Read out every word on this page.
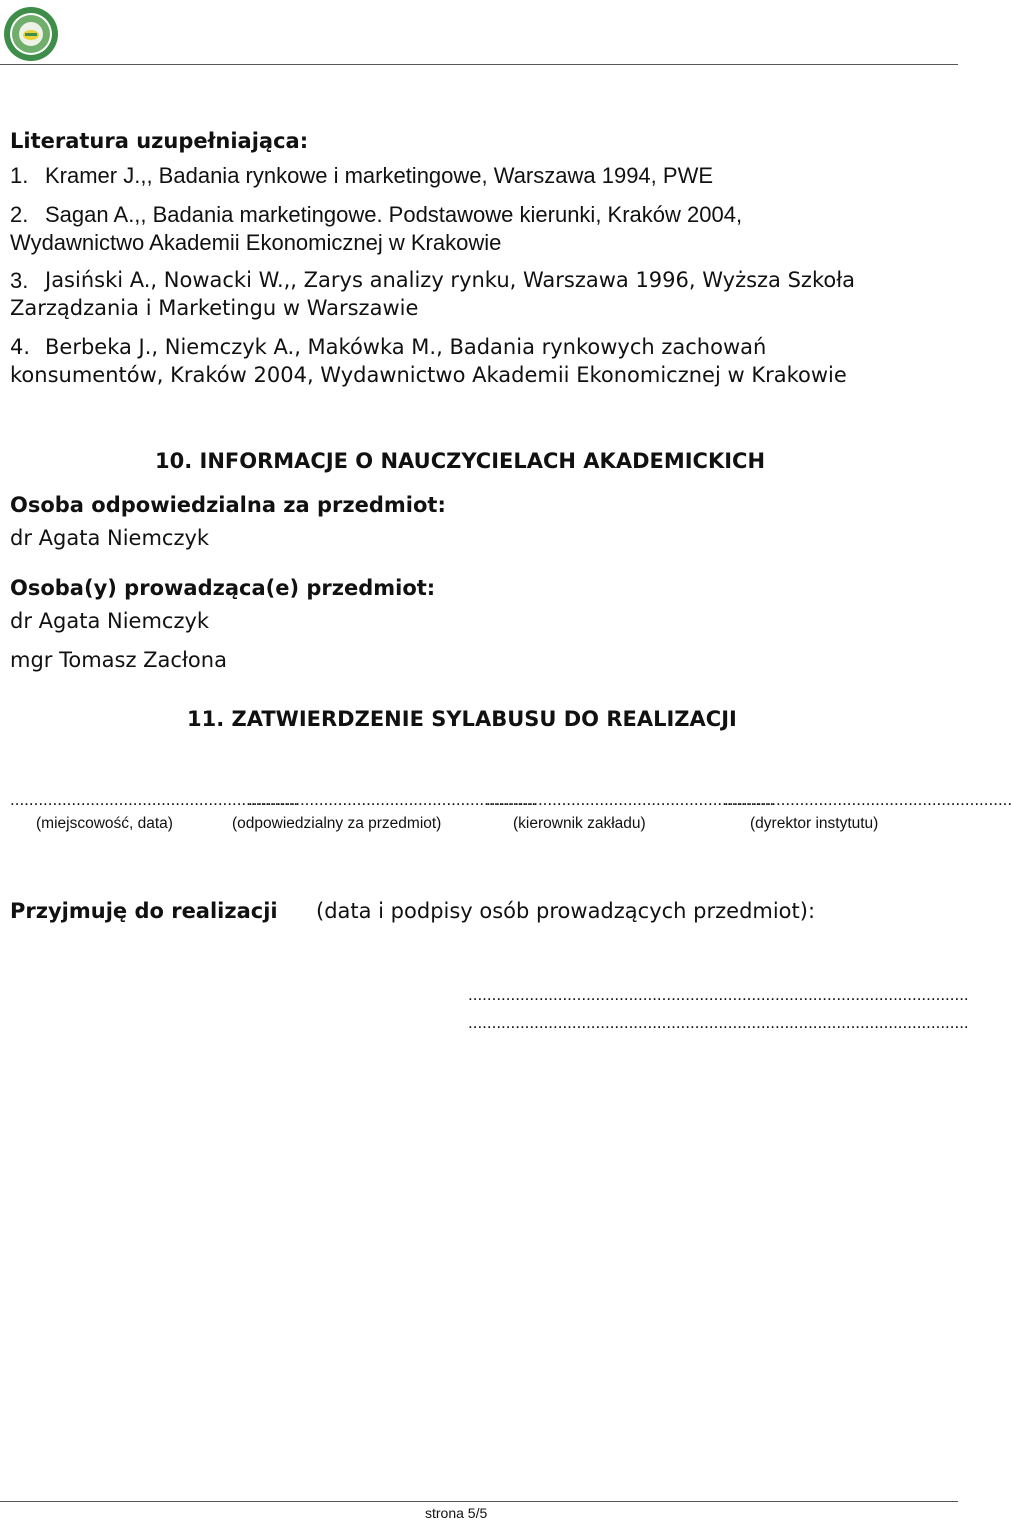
Literatura uzupełniająca:
1. Kramer J.,, Badania rynkowe i marketingowe, Warszawa 1994, PWE
2. Sagan A.,, Badania marketingowe. Podstawowe kierunki, Kraków 2004,
Wydawnictwo Akademii Ekonomicznej w Krakowie
3. Jasiński A., Nowacki W.,, Zarys analizy rynku, Warszawa 1996, Wyższa Szkoła
Zarządzania i Marketingu w Warszawie
4. Berbeka J., Niemczyk A., Makówka M., Badania rynkowych zachowań
konsumentów, Kraków 2004, Wydawnictwo Akademii Ekonomicznej w Krakowie
10. INFORMACJE O NAUCZYCIELACH AKADEMICKICH
Osoba odpowiedzialna za przedmiot:
dr Agata Niemczyk
Osoba(y) prowadząca(e) przedmiot:
dr Agata Niemczyk
mgr Tomasz Zacłona
11. ZATWIERDZENIE SYLABUSU DO REALIZACJI
.............................................................
.............................................................
.............................................................
.............................................................
(miejscowość, data)	(odpowiedzialny za przedmiot)	(kierownik zakładu)	(dyrektor instytutu)
Przyjmuję do realizacji (data i podpisy osób prowadzących przedmiot):
..........................................................................................................
..........................................................................................................
strona 5/5
